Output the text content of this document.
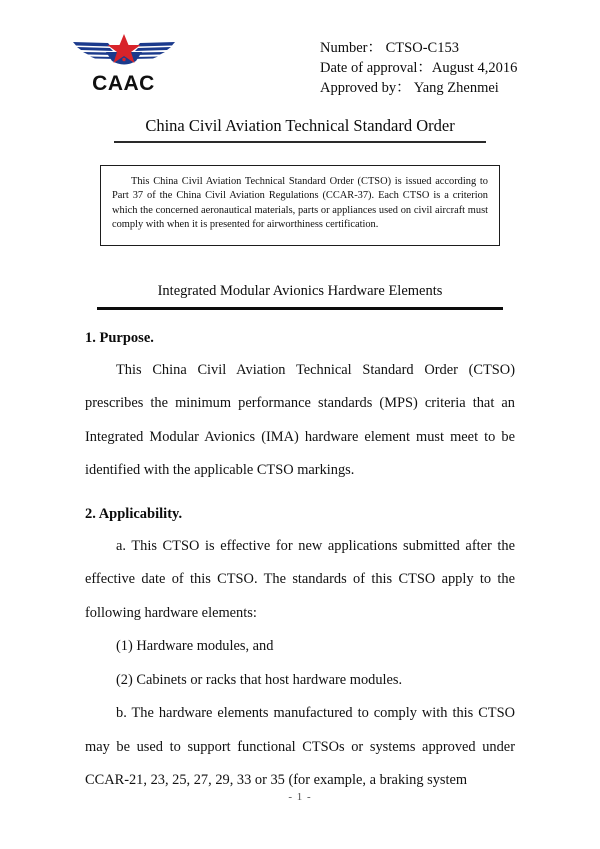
CAAC
Number： CTSO-C153
Date of approval：August 4,2016
Approved by： Yang Zhenmei
China Civil Aviation Technical Standard Order

This China Civil Aviation Technical Standard Order (CTSO) is issued according to Part 37 of the China Civil Aviation Regulations (CCAR-37). Each CTSO is a criterion which the concerned aeronautical materials, parts or appliances used on civil aircraft must comply with when it is presented for airworthiness certification.

Integrated Modular Avionics Hardware Elements
1. Purpose.

This China Civil Aviation Technical Standard Order (CTSO) prescribes the minimum performance standards (MPS) criteria that an Integrated Modular Avionics (IMA) hardware element must meet to be identified with the applicable CTSO markings.

2. Applicability.

a. This CTSO is effective for new applications submitted after the effective date of this CTSO. The standards of this CTSO apply to the following hardware elements:

(1) Hardware modules, and

(2) Cabinets or racks that host hardware modules.

b. The hardware elements manufactured to comply with this CTSO may be used to support functional CTSOs or systems approved under CCAR-21, 23, 25, 27, 29, 33 or 35 (for example, a braking system

- 1 -
